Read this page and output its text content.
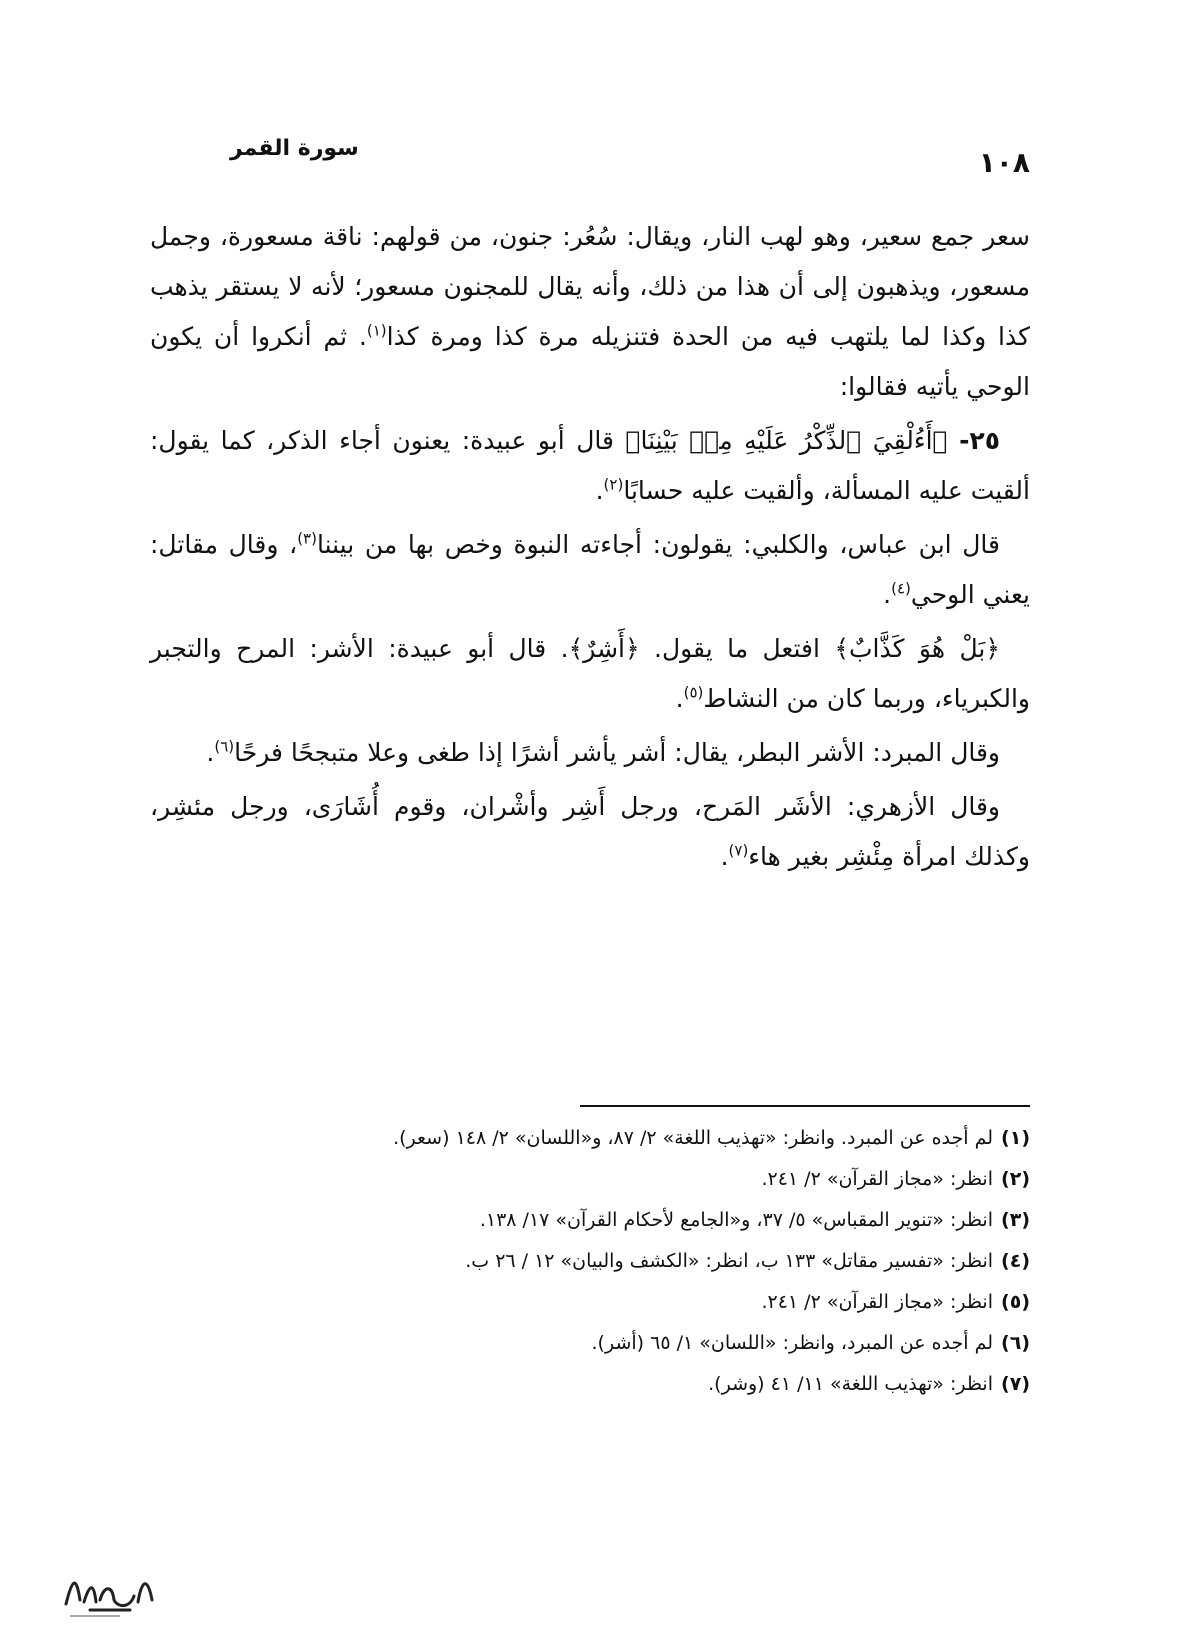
١٠٨
سورة القمر

سعر جمع سعير، وهو لهب النار، ويقال: سُعُر: جنون، من قولهم: ناقة مسعورة، وجمل مسعور، ويذهبون إلى أن هذا من ذلك، وأنه يقال للمجنون مسعور؛ لأنه لا يستقر يذهب كذا وكذا لما يلتهب فيه من الحدة فتنزيله مرة كذا ومرة كذا$^{(١)}$. ثم أنكروا أن يكون الوحي يأتيه فقالوا:

٢٥- ﴿أَءُلْقِيَ ٱلذِّكْرُ عَلَيْهِ مِنۢ بَيْنِنَا﴾ قال أبو عبيدة: يعنون أجاء الذكر، كما يقول: ألقيت عليه المسألة، وألقيت عليه حسابًا$^{(٢)}$.

قال ابن عباس، والكلبي: يقولون: أجاءته النبوة وخص بها من بيننا$^{(٣)}$، وقال مقاتل: يعني الوحي$^{(٤)}$.

﴿بَلْ هُوَ كَذَّابٌ﴾ افتعل ما يقول. ﴿أَشِرٌ﴾. قال أبو عبيدة: الأشر: المرح والتجبر والكبرياء، وربما كان من النشاط$^{(٥)}$.

وقال المبرد: الأشر البطر، يقال: أشر يأشر أشرًا إذا طغى وعلا متبجحًا فرحًا$^{(٦)}$.

وقال الأزهري: الأشَر المَرح، ورجل أَشِر وأشْران، وقوم أُشَارَى، ورجل مئشِر، وكذلك امرأة مِئْشِر بغير هاء$^{(٧)}$.

(١)لم أجده عن المبرد. وانظر: «تهذيب اللغة» ٢/ ٨٧، و«اللسان» ٢/ ١٤٨ (سعر).

(٢)انظر: «مجاز القرآن» ٢/ ٢٤١.

(٣)انظر: «تنوير المقباس» ٥/ ٣٧، و«الجامع لأحكام القرآن» ١٧/ ١٣٨.

(٤)انظر: «تفسير مقاتل» ١٣٣ ب، انظر: «الكشف والبيان» ١٢ / ٢٦ ب.

(٥)انظر: «مجاز القرآن» ٢/ ٢٤١.

(٦)لم أجده عن المبرد، وانظر: «اللسان» ١/ ٦٥ (أشر).

(٧)انظر: «تهذيب اللغة» ١١/ ٤١ (وشر).
